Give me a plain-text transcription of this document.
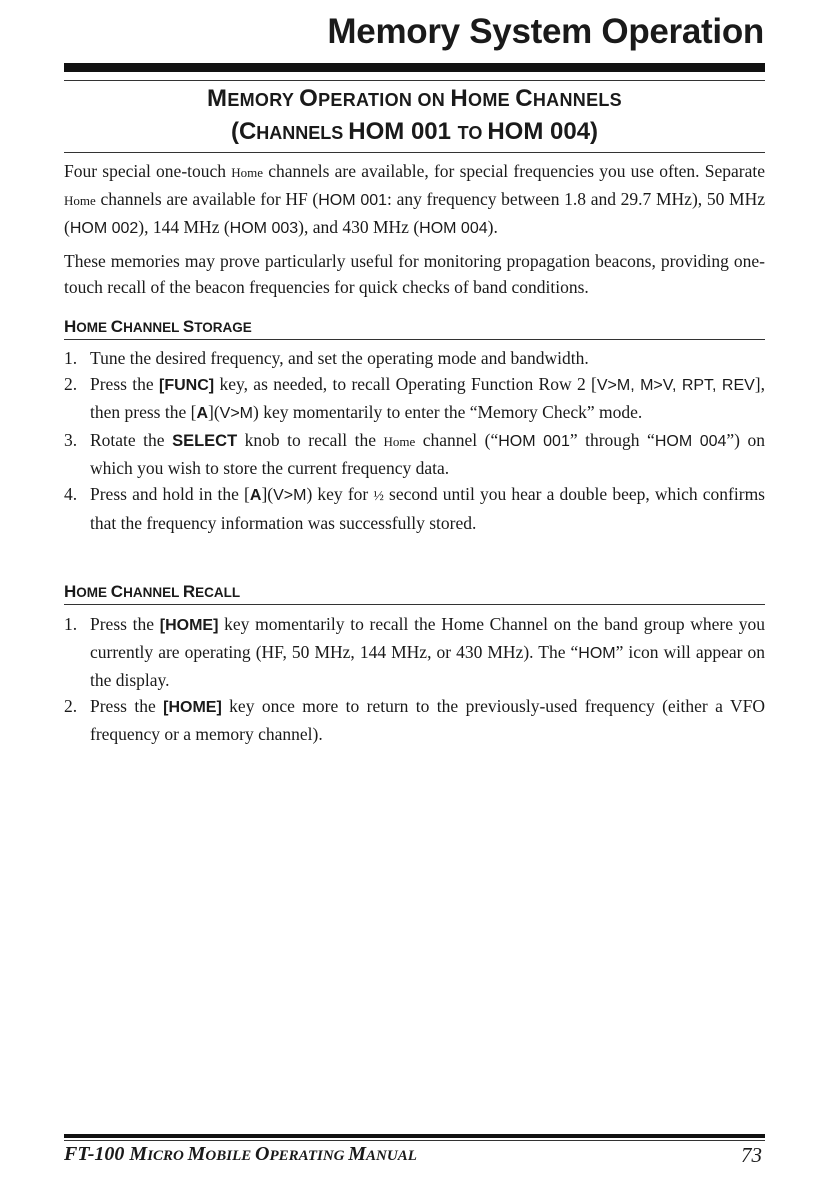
Memory System Operation
MEMORY OPERATION ON HOME CHANNELS
(CHANNELS HOM 001 TO HOM 004)

Four special one-touch Home channels are available, for special frequencies you use often. Separate Home channels are available for HF (HOM 001: any frequency between 1.8 and 29.7 MHz), 50 MHz (HOM 002), 144 MHz (HOM 003), and 430 MHz (HOM 004).

These memories may prove particularly useful for monitoring propagation beacons, providing one-touch recall of the beacon frequencies for quick checks of band conditions.

HOME CHANNEL STORAGE
1. Tune the desired frequency, and set the operating mode and bandwidth.
2. Press the [FUNC] key, as needed, to recall Operating Function Row 2 [V>M, M>V, RPT, REV], then press the [A](V>M) key momentarily to enter the “Memory Check” mode.
3. Rotate the SELECT knob to recall the Home channel (“HOM 001” through “HOM 004”) on which you wish to store the current frequency data.
4. Press and hold in the [A](V>M) key for ½ second until you hear a double beep, which confirms that the frequency information was successfully stored.
HOME CHANNEL RECALL
1. Press the [HOME] key momentarily to recall the Home Channel on the band group where you currently are operating (HF, 50 MHz, 144 MHz, or 430 MHz). The “HOM” icon will appear on the display.
2. Press the [HOME] key once more to return to the previously-used frequency (either a VFO frequency or a memory channel).
FT-100 MICRO MOBILE OPERATING MANUAL	73
